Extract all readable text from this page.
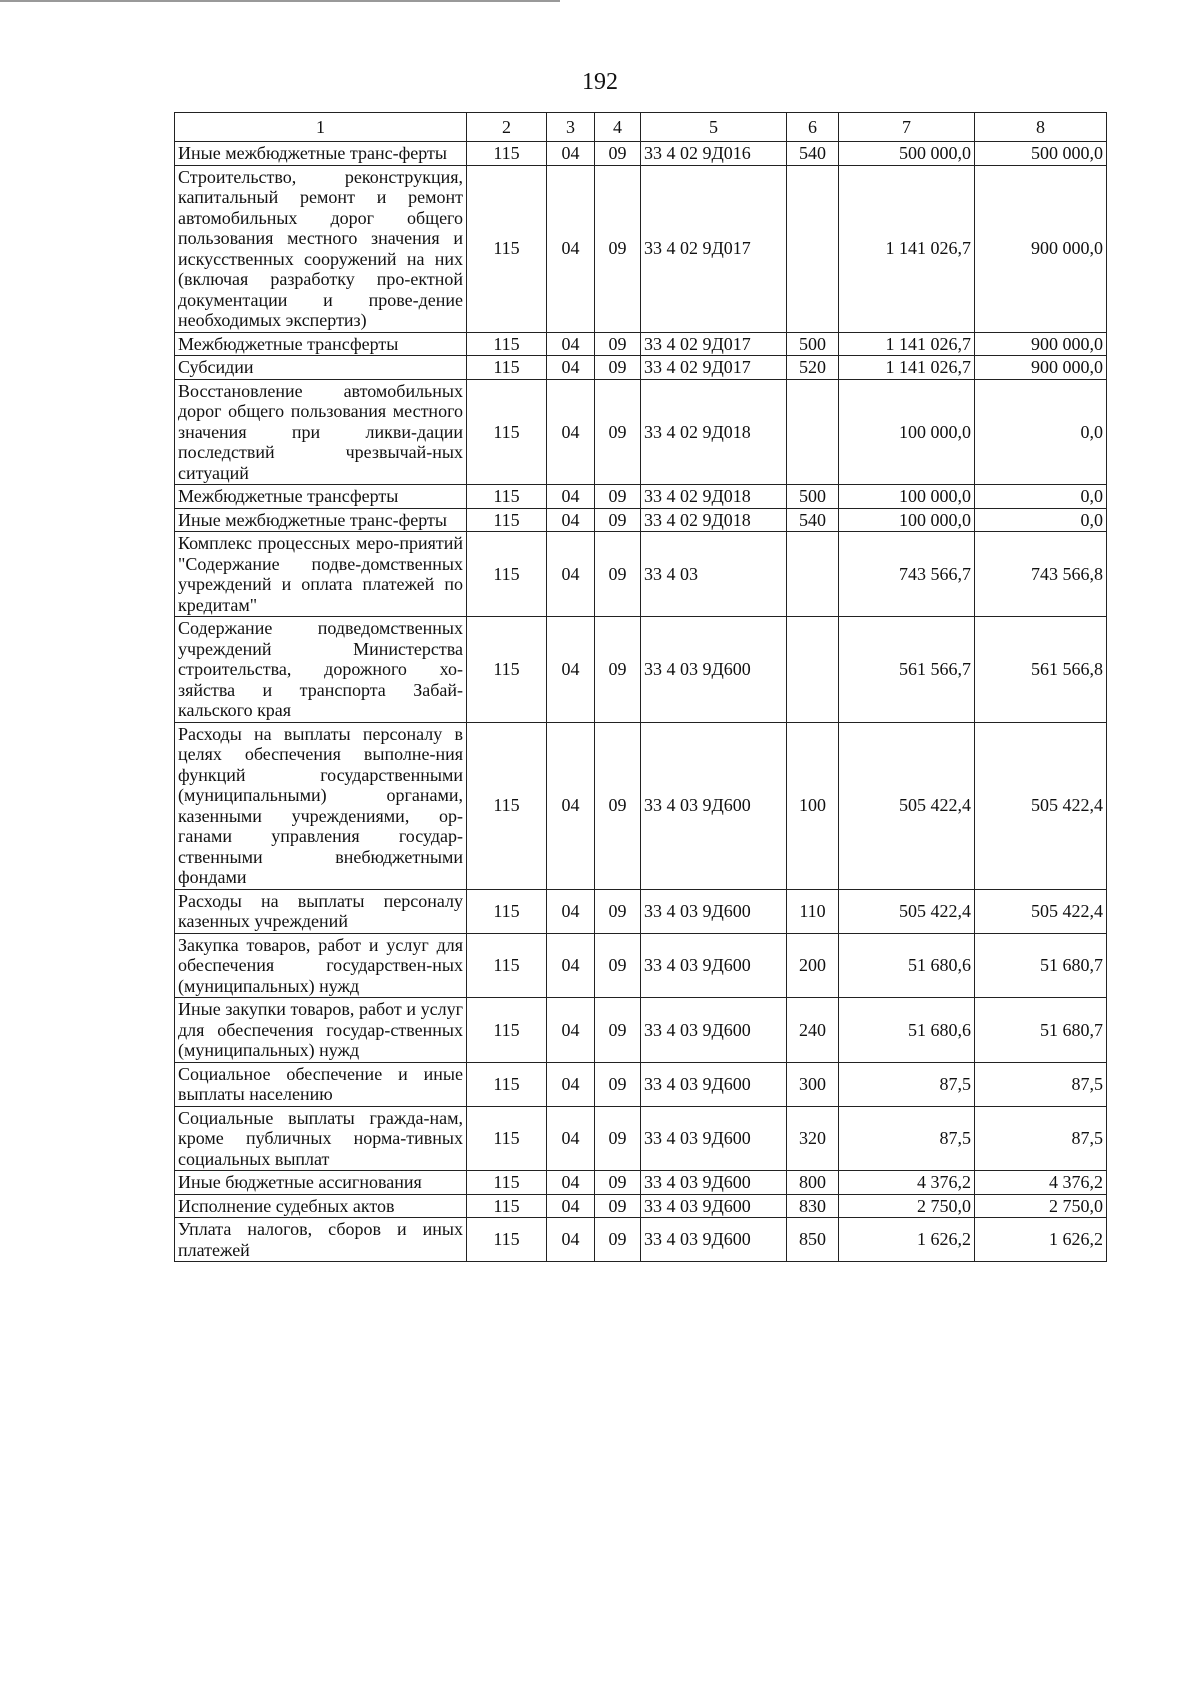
192
1	2	3	4	5	6	7	8
Иные межбюджетные транс-ферты	115	04	09	33 4 02 9Д016	540	500 000,0	500 000,0
Строительство, реконструкция, капитальный ремонт и ремонт автомобильных дорог общего пользования местного значения и искусственных сооружений на них (включая разработку про-ектной документации и прове-дение необходимых экспертиз)	115	04	09	33 4 02 9Д017		1 141 026,7	900 000,0
Межбюджетные трансферты	115	04	09	33 4 02 9Д017	500	1 141 026,7	900 000,0
Субсидии	115	04	09	33 4 02 9Д017	520	1 141 026,7	900 000,0
Восстановление автомобильных дорог общего пользования местного значения при ликви-дации последствий чрезвычай-ных ситуаций	115	04	09	33 4 02 9Д018		100 000,0	0,0
Межбюджетные трансферты	115	04	09	33 4 02 9Д018	500	100 000,0	0,0
Иные межбюджетные транс-ферты	115	04	09	33 4 02 9Д018	540	100 000,0	0,0
Комплекс процессных меро-приятий "Содержание подве-домственных учреждений и оплата платежей по кредитам"	115	04	09	33 4 03		743 566,7	743 566,8
Содержание подведомственных учреждений Министерства строительства, дорожного хо-зяйства и транспорта Забай-кальского края	115	04	09	33 4 03 9Д600		561 566,7	561 566,8
Расходы на выплаты персоналу в целях обеспечения выполне-ния функций государственными (муниципальными) органами, казенными учреждениями, ор-ганами управления государ-ственными внебюджетными фондами	115	04	09	33 4 03 9Д600	100	505 422,4	505 422,4
Расходы на выплаты персоналу казенных учреждений	115	04	09	33 4 03 9Д600	110	505 422,4	505 422,4
Закупка товаров, работ и услуг для обеспечения государствен-ных (муниципальных) нужд	115	04	09	33 4 03 9Д600	200	51 680,6	51 680,7
Иные закупки товаров, работ и услуг для обеспечения государ-ственных (муниципальных) нужд	115	04	09	33 4 03 9Д600	240	51 680,6	51 680,7
Социальное обеспечение и иные выплаты населению	115	04	09	33 4 03 9Д600	300	87,5	87,5
Социальные выплаты гражда-нам, кроме публичных норма-тивных социальных выплат	115	04	09	33 4 03 9Д600	320	87,5	87,5
Иные бюджетные ассигнования	115	04	09	33 4 03 9Д600	800	4 376,2	4 376,2
Исполнение судебных актов	115	04	09	33 4 03 9Д600	830	2 750,0	2 750,0
Уплата налогов, сборов и иных платежей	115	04	09	33 4 03 9Д600	850	1 626,2	1 626,2
